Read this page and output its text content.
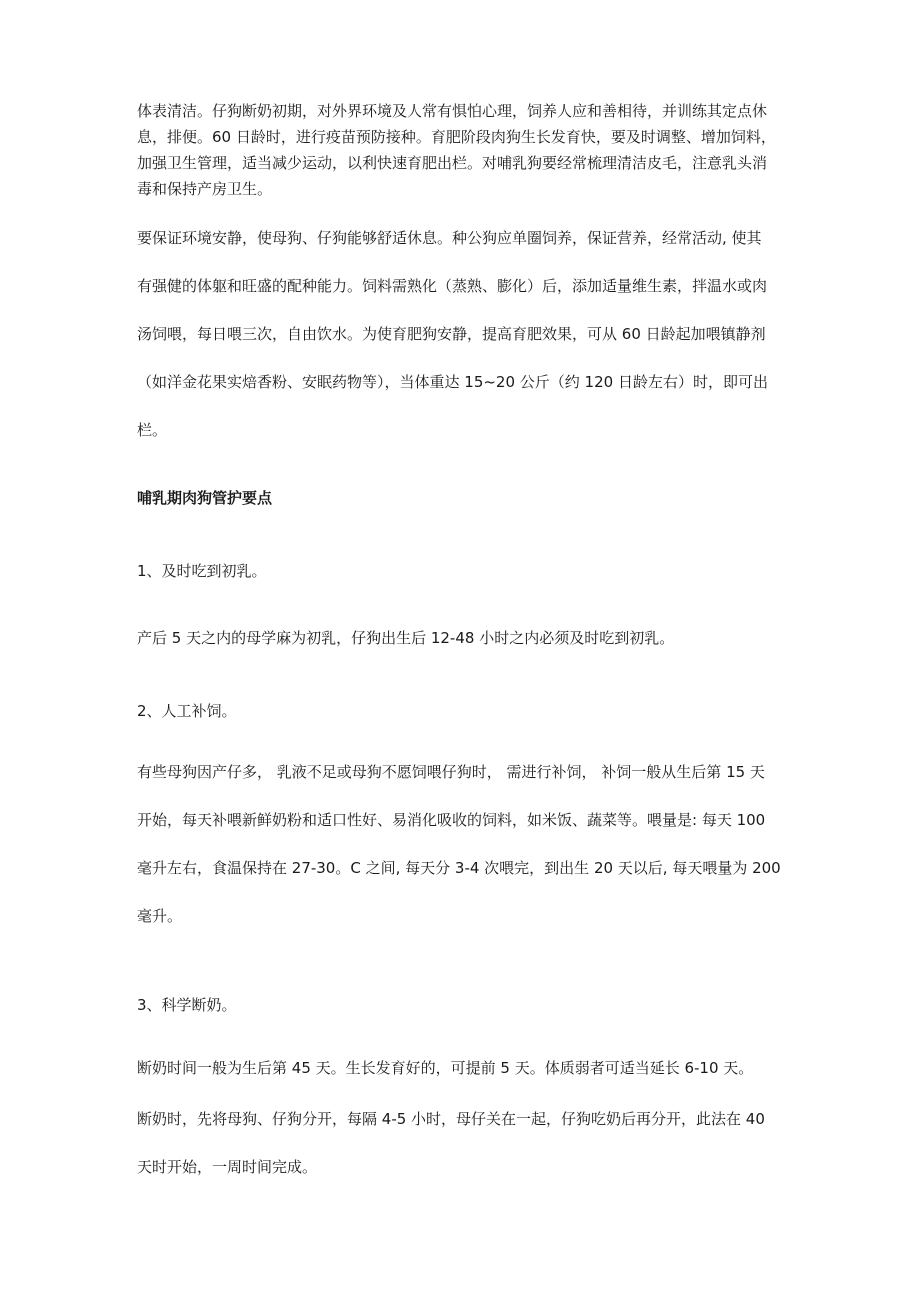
体表清洁。仔狗断奶初期，对外界环境及人常有惧怕心理，饲养人应和善相待，并训练其定点休
息，排便。60 日龄时，进行疫苗预防接种。育肥阶段肉狗生长发育快，要及时调整、增加饲料，
加强卫生管理，适当减少运动，以利快速育肥出栏。对哺乳狗要经常梳理清洁皮毛，注意乳头消
毒和保持产房卫生。

要保证环境安静，使母狗、仔狗能够舒适休息。种公狗应单圈饲养，保证营养，经常活动, 使其
有强健的体躯和旺盛的配种能力。饲料需熟化（蒸熟、膨化）后，添加适量维生素，拌温水或肉
汤饲喂，每日喂三次，自由饮水。为使育肥狗安静，提高育肥效果，可从 60 日龄起加喂镇静剂
（如洋金花果实焙香粉、安眠药物等），当体重达 15~20 公斤（约 120 日龄左右）时，即可出
栏。

哺乳期肉狗管护要点

1、及时吃到初乳。

产后 5 天之内的母学麻为初乳，仔狗出生后 12-48 小时之内必须及时吃到初乳。

2、人工补饲。

有些母狗因产仔多， 乳液不足或母狗不愿饲喂仔狗时， 需进行补饲， 补饲一般从生后第 15 天
开始，每天补喂新鲜奶粉和适口性好、易消化吸收的饲料，如米饭、蔬菜等。喂量是: 每天 100
毫升左右，食温保持在 27-30。C 之间, 每天分 3-4 次喂完，到出生 20 天以后, 每天喂量为 200
毫升。

3、科学断奶。

断奶时间一般为生后第 45 天。生长发育好的，可提前 5 天。体质弱者可适当延长 6-10 天。

断奶时，先将母狗、仔狗分开，每隔 4-5 小时，母仔关在一起，仔狗吃奶后再分开，此法在 40
天时开始，一周时间完成。
